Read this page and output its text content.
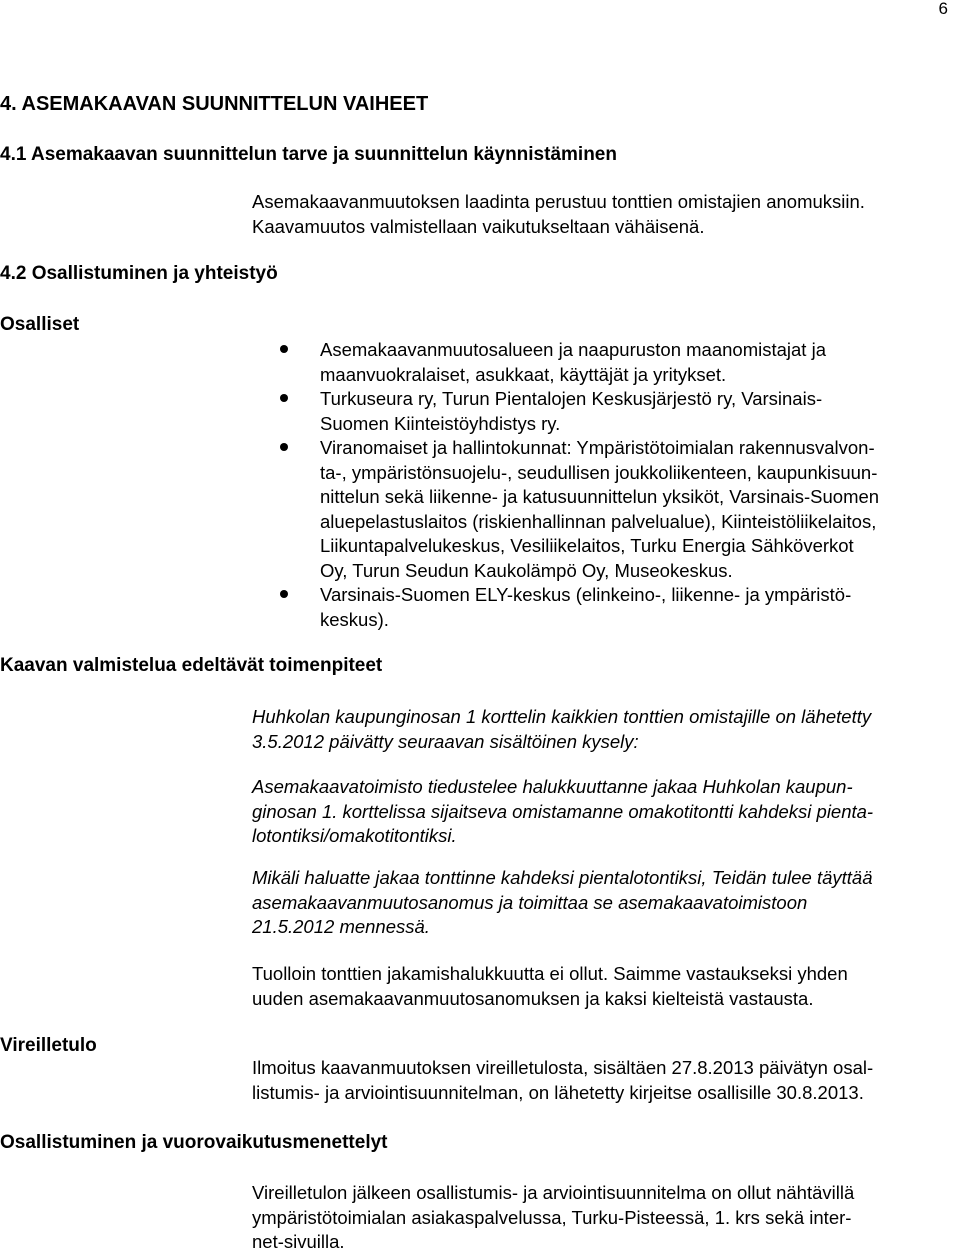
6
4. ASEMAKAAVAN SUUNNITTELUN VAIHEET
4.1 Asemakaavan suunnittelun tarve ja suunnittelun käynnistäminen
Asemakaavanmuutoksen laadinta perustuu tonttien omistajien anomuksiin.
Kaavamuutos valmistellaan vaikutukseltaan vähäisenä.
4.2 Osallistuminen ja yhteistyö
Osalliset
Asemakaavanmuutosalueen ja naapuruston maanomistajat ja
maanvuokralaiset, asukkaat, käyttäjät ja yritykset.
Turkuseura ry, Turun Pientalojen Keskusjärjestö ry, Varsinais-
Suomen Kiinteistöyhdistys ry.
Viranomaiset ja hallintokunnat: Ympäristötoimialan rakennusvalvon-
ta-, ympäristönsuojelu-, seudullisen joukkoliikenteen, kaupunkisuun-
nittelun sekä liikenne- ja katusuunnittelun yksiköt, Varsinais-Suomen
aluepelastuslaitos (riskienhallinnan palvelualue), Kiinteistöliikelaitos,
Liikuntapalvelukeskus, Vesiliikelaitos, Turku Energia Sähköverkot
Oy, Turun Seudun Kaukolämpö Oy, Museokeskus.
Varsinais-Suomen ELY-keskus (elinkeino-, liikenne- ja ympäristö-
keskus).
Kaavan valmistelua edeltävät toimenpiteet
Huhkolan kaupunginosan 1 korttelin kaikkien tonttien omistajille on lähetetty
3.5.2012 päivätty seuraavan sisältöinen kysely:
Asemakaavatoimisto tiedustelee halukkuuttanne jakaa Huhkolan kaupun-
ginosan 1. korttelissa sijaitseva omistamanne omakotitontti kahdeksi pienta-
lotontiksi/omakotitontiksi.
Mikäli haluatte jakaa tonttinne kahdeksi pientalotontiksi, Teidän tulee täyttää
asemakaavanmuutosanomus ja toimittaa se asemakaavatoimistoon
21.5.2012 mennessä.
Tuolloin tonttien jakamishalukkuutta ei ollut. Saimme vastaukseksi yhden
uuden asemakaavanmuutosanomuksen ja kaksi kielteistä vastausta.
Vireilletulo
Ilmoitus kaavanmuutoksen vireilletulosta, sisältäen 27.8.2013 päivätyn osal-
listumis- ja arviointisuunnitelman, on lähetetty kirjeitse osallisille 30.8.2013.
Osallistuminen ja vuorovaikutusmenettelyt
Vireilletulon jälkeen osallistumis- ja arviointisuunnitelma on ollut nähtävillä
ympäristötoimialan asiakaspalvelussa, Turku-Pisteessä, 1. krs sekä inter-
net-sivuilla.
